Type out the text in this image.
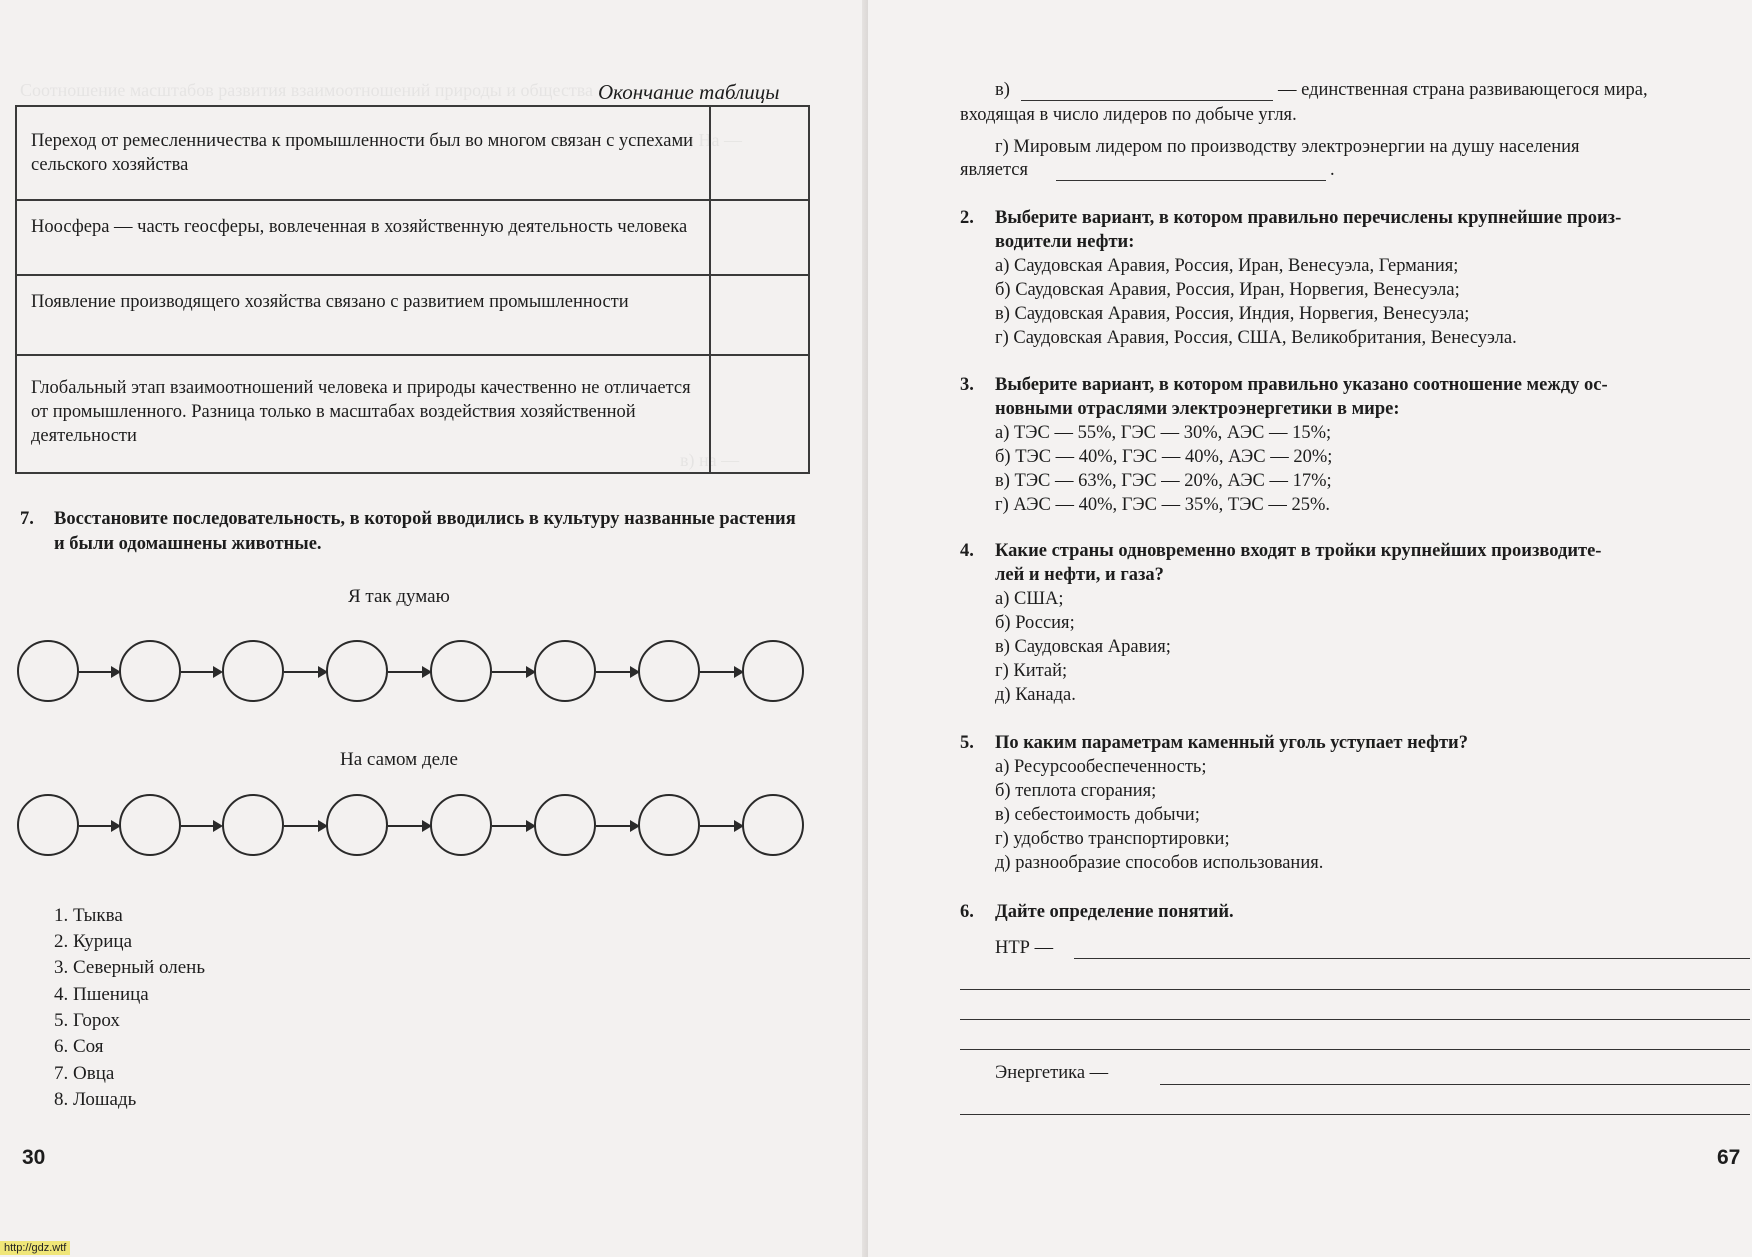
Соотношение масштабов развития взаимоотношений природы и общества
а) На —
в) на —
Окончание таблицы
Переход от ремесленничества к промышленности был во многом связан с успехами сельского хозяйства	
Ноосфера — часть геосферы, вовлеченная в хозяйственную деятельность человека	
Появление производящего хозяйства связано с развитием промышленности	
Глобальный этап взаимоотношений человека и природы качественно не отличается от промышленного. Разница только в масштабах воздействия хозяйственной деятельности	
7. Восстановите последовательность, в которой вводились в культуру названные растения и были одомашнены животные.
Я так думаю
На самом деле
1. Тыква
2. Курица
3. Северный олень
4. Пшеница
5. Горох
6. Соя
7. Овца
8. Лошадь
30
в)	— единственная страна развивающегося мира,
входящая в число лидеров по добыче угля.
г) Мировым лидером по производству электроэнергии на душу населения
является	.
2. Выберите вариант, в котором правильно перечислены крупнейшие произ-
водители нефти:
а) Саудовская Аравия, Россия, Иран, Венесуэла, Германия;
б) Саудовская Аравия, Россия, Иран, Норвегия, Венесуэла;
в) Саудовская Аравия, Россия, Индия, Норвегия, Венесуэла;
г) Саудовская Аравия, Россия, США, Великобритания, Венесуэла.
3. Выберите вариант, в котором правильно указано соотношение между ос-
новными отраслями электроэнергетики в мире:
а) ТЭС — 55%, ГЭС — 30%, АЭС — 15%;
б) ТЭС — 40%, ГЭС — 40%, АЭС — 20%;
в) ТЭС — 63%, ГЭС — 20%, АЭС — 17%;
г) АЭС — 40%, ГЭС — 35%, ТЭС — 25%.
4. Какие страны одновременно входят в тройки крупнейших производите-
лей и нефти, и газа?
а) США;
б) Россия;
в) Саудовская Аравия;
г) Китай;
д) Канада.
5. По каким параметрам каменный уголь уступает нефти?
а) Ресурсообеспеченность;
б) теплота сгорания;
в) себестоимость добычи;
г) удобство транспортировки;
д) разнообразие способов использования.
6. Дайте определение понятий.
НТР —
Энергетика —
67
http://gdz.wtf
